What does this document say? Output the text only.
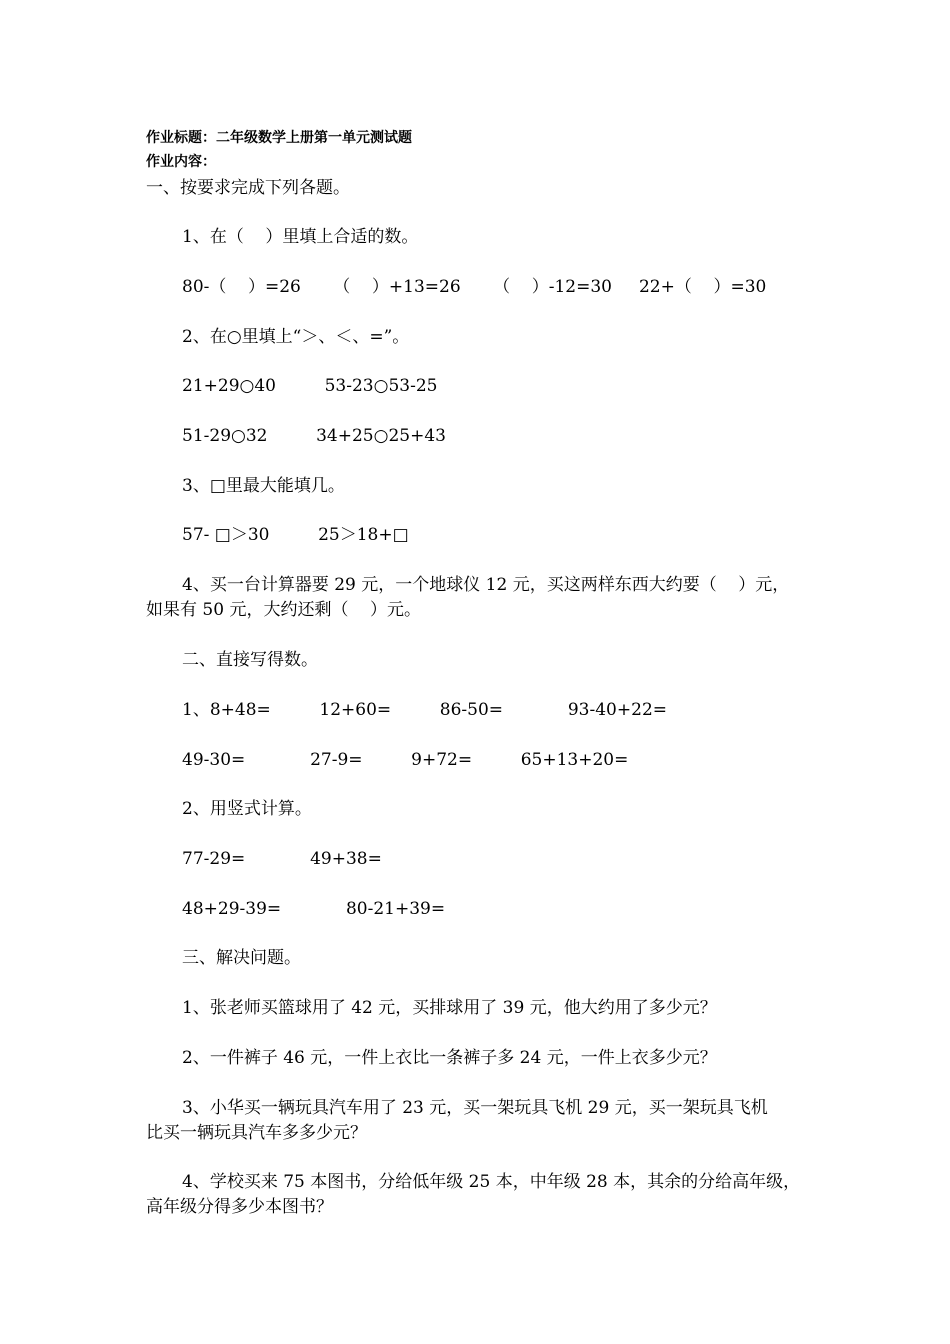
作业标题：二年级数学上册第一单元测试题
作业内容：
一、按要求完成下列各题。
1、在（    ）里填上合适的数。
80-（    ）=26      （    ）+13=26      （    ）-12=30     22+（    ）=30
2、在○里填上“＞、＜、=”。
21+29○40         53-23○53-25
51-29○32         34+25○25+43
3、□里最大能填几。
57- □＞30         25＞18+□
4、买一台计算器要 29 元，一个地球仪 12 元，买这两样东西大约要（    ）元，
如果有 50 元，大约还剩（    ）元。
二、直接写得数。
1、8+48=         12+60=         86-50=            93-40+22=
49-30=            27-9=         9+72=         65+13+20=
2、用竖式计算。
77-29=            49+38=
48+29-39=            80-21+39=
三、解决问题。
1、张老师买篮球用了 42 元，买排球用了 39 元，他大约用了多少元？
2、一件裤子 46 元，一件上衣比一条裤子多 24 元，一件上衣多少元？
3、小华买一辆玩具汽车用了 23 元，买一架玩具飞机 29 元，买一架玩具飞机
比买一辆玩具汽车多多少元？
4、学校买来 75 本图书，分给低年级 25 本，中年级 28 本，其余的分给高年级，
高年级分得多少本图书？
